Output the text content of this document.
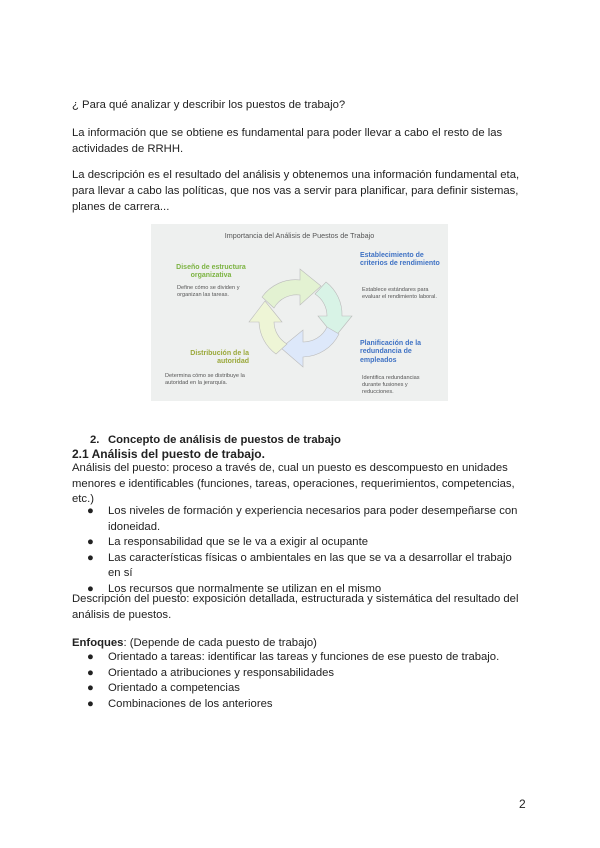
¿ Para qué analizar y describir los puestos de trabajo?

La información que se obtiene es fundamental para poder llevar a cabo el resto de las actividades de RRHH.

La descripción es el resultado del análisis y obtenemos una información fundamental eta, para llevar a cabo las políticas, que nos vas a servir para planificar, para definir sistemas, planes de carrera...

Importancia del Análisis de Puestos de Trabajo
Diseño de estructura organizativa
Define cómo se dividen y organizan las tareas.
Establecimiento de criterios de rendimiento
Establece estándares para evaluar el rendimiento laboral.
Planificación de la redundancia de empleados
Identifica redundancias durante fusiones y reducciones.
Distribución de la autoridad
Determina cómo se distribuye la autoridad en la jerarquía.
2. Concepto de análisis de puestos de trabajo
2.1 Análisis del puesto de trabajo.

Análisis del puesto: proceso a través de, cual un puesto es descompuesto en unidades menores e identificables (funciones, tareas, operaciones, requerimientos, competencias, etc.)

● Los niveles de formación y experiencia necesarios para poder desempeñarse con idoneidad.
● La responsabilidad que se le va a exigir al ocupante
● Las características físicas o ambientales en las que se va a desarrollar el trabajo en sí
● Los recursos que normalmente se utilizan en el mismo

Descripción del puesto: exposición detallada, estructurada y sistemática del resultado del análisis de puestos.

Enfoques: (Depende de cada puesto de trabajo)
● Orientado a tareas: identificar las tareas y funciones de ese puesto de trabajo.
● Orientado a atribuciones y responsabilidades
● Orientado a competencias
● Combinaciones de los anteriores
2
